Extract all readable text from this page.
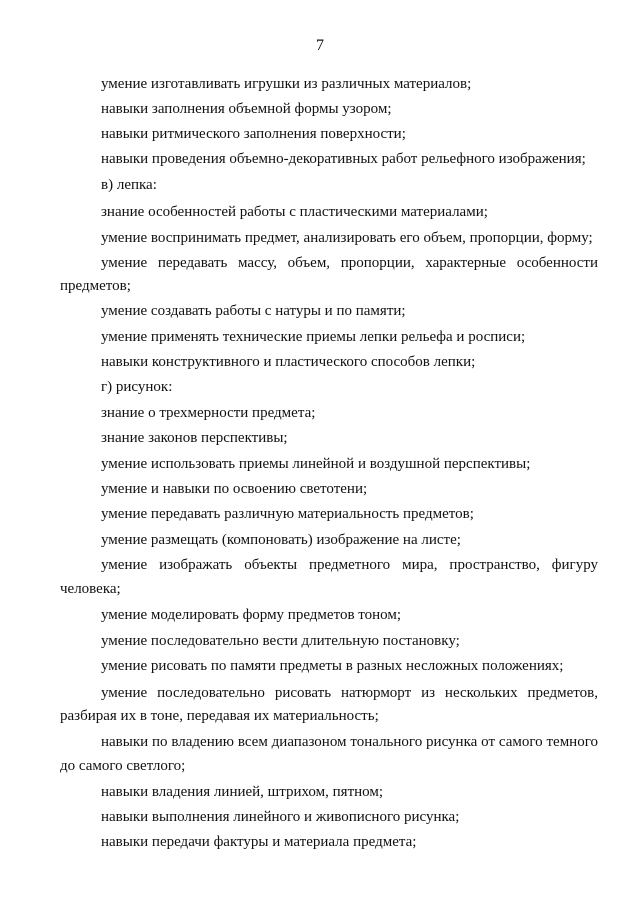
7
умение изготавливать игрушки из различных материалов;
навыки заполнения объемной формы узором;
навыки ритмического заполнения поверхности;
навыки проведения объемно-декоративных работ рельефного изображения;
в) лепка:
знание особенностей работы с пластическими материалами;
умение воспринимать предмет, анализировать его объем, пропорции, форму;
умение передавать массу, объем, пропорции, характерные особенности
предметов;
умение создавать работы с натуры и по памяти;
умение применять технические приемы лепки рельефа и росписи;
навыки конструктивного и пластического способов лепки;
г) рисунок:
знание о трехмерности предмета;
знание законов перспективы;
умение использовать приемы линейной и воздушной перспективы;
умение и навыки по освоению светотени;
умение передавать различную материальность предметов;
умение размещать (компоновать) изображение на листе;
умение изображать объекты предметного мира, пространство, фигуру
человека;
умение моделировать форму предметов тоном;
умение последовательно вести длительную постановку;
умение рисовать по памяти предметы в разных несложных положениях;
умение последовательно рисовать натюрморт из нескольких предметов,
разбирая их в тоне, передавая их материальность;
навыки по владению всем диапазоном тонального рисунка от самого темного
до самого светлого;
навыки владения линией, штрихом, пятном;
навыки выполнения линейного и живописного рисунка;
навыки передачи фактуры и материала предмета;
